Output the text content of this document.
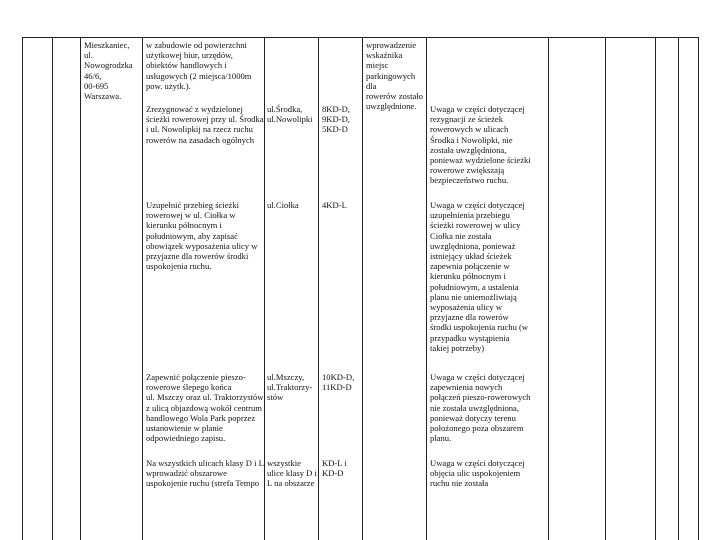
Mieszkaniec,
ul. Nowogrodzka
46/6,
00-695
Warszawa.
w zabudowie od powierzchni
użytkowej biur, urzędów,
obiektów handlowych i
usługowych (2 miejsca/1000m
pow. użytk.).
wprowadzenie
wskaźnika miejsc
parkingowych dla
rowerów zostało
uwzględnione.
Zrezygnować z wydzielonej
ścieżki rowerowej przy ul. Środka
i ul. Nowolipkij na rzecz ruchu
rowerów na zasadach ogólnych
ul.Środka,
ul.Nowolipki
8KD-D,
9KD-D,
5KD-D
Uwaga w części dotyczącej
rezygnacji ze ścieżek
rowerowych w ulicach
Środka i Nowolipki, nie
została uwzględniona,
ponieważ wydzielone ścieżki
rowerowe zwiększają
bezpieczeństwo ruchu.
Uzupełnić przebieg ścieżki
rowerowej w ul. Ciołka w
kierunku północnym i
południowym, aby zapisać
obowiązek wyposażenia ulicy w
przyjazne dla rowerów środki
uspokojenia ruchu.
ul.Ciołka	4KD-L	Uwaga w części dotyczącej
uzupełnienia przebiegu
ścieżki rowerowej w ulicy
Ciołka nie została
uwzględniona, ponieważ
istniejący układ ścieżek
zapewnia połączenie w
kierunku północnym i
południowym, a ustalenia
planu nie uniemożliwiają
wyposażenia ulicy w
przyjazne dla rowerów
środki uspokojenia ruchu (w
przypadku wystąpienia
takiej potrzeby)
Zapewnić połączenie pieszo-
rowerowe ślepego końca
ul. Mszczy oraz ul. Traktorzystów
z ulicą objazdową wokół centrum
handlowego Wola Park poprzez
ustanowienie w planie
odpowiedniego zapisu.
ul.Mszczy,
ul.Traktorzy-
stów
10KD-D,
11KD-D
Uwaga w części dotyczącej
zapewnienia nowych
połączeń pieszo-rowerowych
nie została uwzględniona,
ponieważ dotyczy terenu
położonego poza obszarem
planu.
Na wszystkich ulicach klasy D i L
wprowadzić obszarowe
uspokojenie ruchu (strefa Tempo
wszystkie
ulice klasy D i
L na obszarze
KD-L i
KD-D
Uwaga w części dotyczącej
objęcia ulic uspokojeniem
ruchu nie została
